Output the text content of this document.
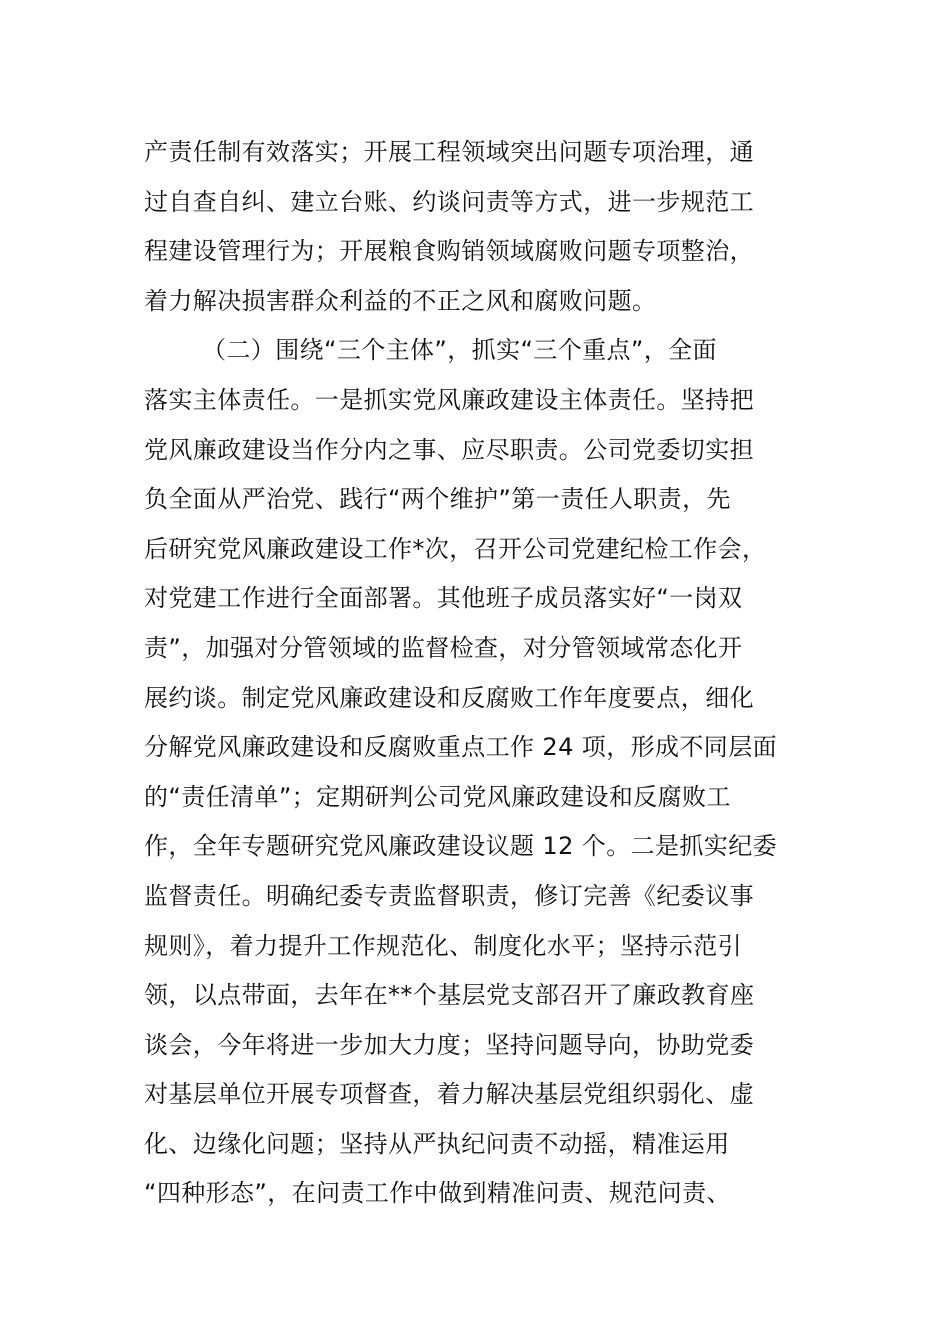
产责任制有效落实；开展工程领域突出问题专项治理，通
过自查自纠、建立台账、约谈问责等方式，进一步规范工
程建设管理行为；开展粮食购销领域腐败问题专项整治，
着力解决损害群众利益的不正之风和腐败问题。
（二）围绕“三个主体”，抓实“三个重点”，全面
落实主体责任。一是抓实党风廉政建设主体责任。坚持把
党风廉政建设当作分内之事、应尽职责。公司党委切实担
负全面从严治党、践行“两个维护”第一责任人职责，先
后研究党风廉政建设工作*次，召开公司党建纪检工作会，
对党建工作进行全面部署。其他班子成员落实好“一岗双
责”，加强对分管领域的监督检查，对分管领域常态化开
展约谈。制定党风廉政建设和反腐败工作年度要点，细化
分解党风廉政建设和反腐败重点工作 24 项，形成不同层面
的“责任清单”；定期研判公司党风廉政建设和反腐败工
作，全年专题研究党风廉政建设议题 12 个。二是抓实纪委
监督责任。明确纪委专责监督职责，修订完善《纪委议事
规则》，着力提升工作规范化、制度化水平；坚持示范引
领，以点带面，去年在**个基层党支部召开了廉政教育座
谈会，今年将进一步加大力度；坚持问题导向，协助党委
对基层单位开展专项督查，着力解决基层党组织弱化、虚
化、边缘化问题；坚持从严执纪问责不动摇，精准运用
“四种形态”，在问责工作中做到精准问责、规范问责、
